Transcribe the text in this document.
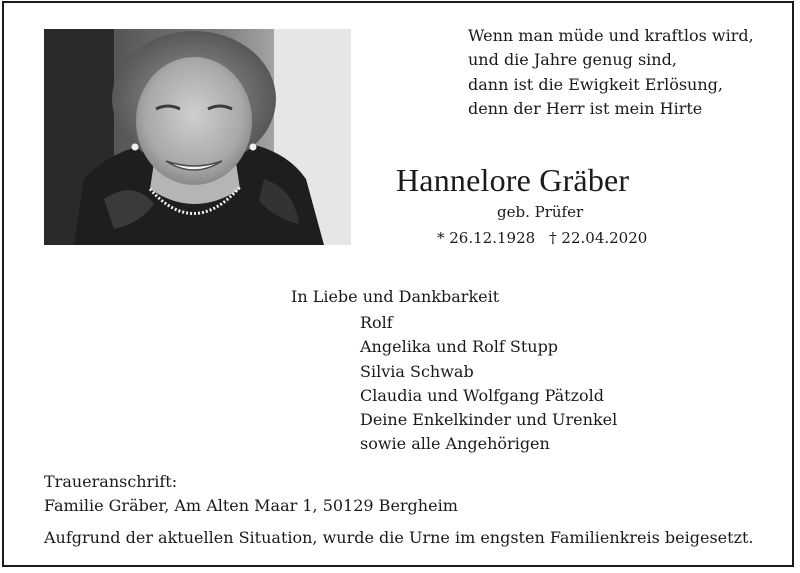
Wenn man müde und kraftlos wird,
und die Jahre genug sind,
dann ist die Ewigkeit Erlösung,
denn der Herr ist mein Hirte
Hannelore Gräber
geb. Prüfer
* 26.12.1928 † 22.04.2020
In Liebe und Dankbarkeit
Rolf
Angelika und Rolf Stupp
Silvia Schwab
Claudia und Wolfgang Pätzold
Deine Enkelkinder und Urenkel
sowie alle Angehörigen
Traueranschrift:
Familie Gräber, Am Alten Maar 1, 50129 Bergheim
Aufgrund der aktuellen Situation, wurde die Urne im engsten Familienkreis beigesetzt.
